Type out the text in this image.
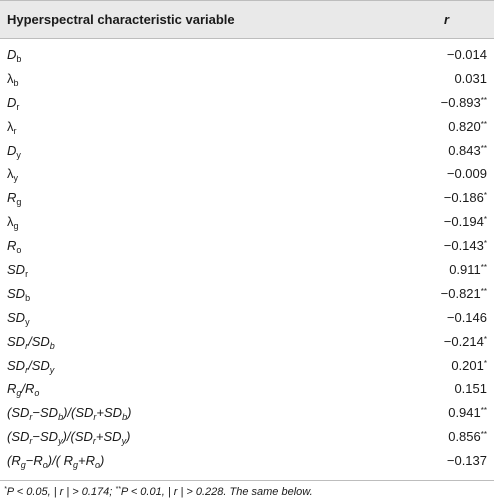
Hyperspectral characteristic variable	r
$D_b$	−0.014
$\lambda_b$	0.031
$D_r$	−0.893**
$\lambda_r$	0.820**
$D_y$	0.843**
$\lambda_y$	−0.009
$R_g$	−0.186*
$\lambda_g$	−0.194*
$R_o$	−0.143*
$SD_r$	0.911**
$SD_b$	−0.821**
$SD_y$	−0.146
$SD_r/SD_b$	−0.214*
$SD_r/SD_y$	0.201*
$R_g/R_o$	0.151
$(SD_r-SD_b)/(SD_r+SD_b)$	0.941**
$(SD_r-SD_y)/(SD_r+SD_y)$	0.856**
$(R_g-R_o)/$( $R_g+R_o$)	−0.137
*P < 0.05, | r | > 0.174; **P < 0.01, | r | > 0.228. The same below.
